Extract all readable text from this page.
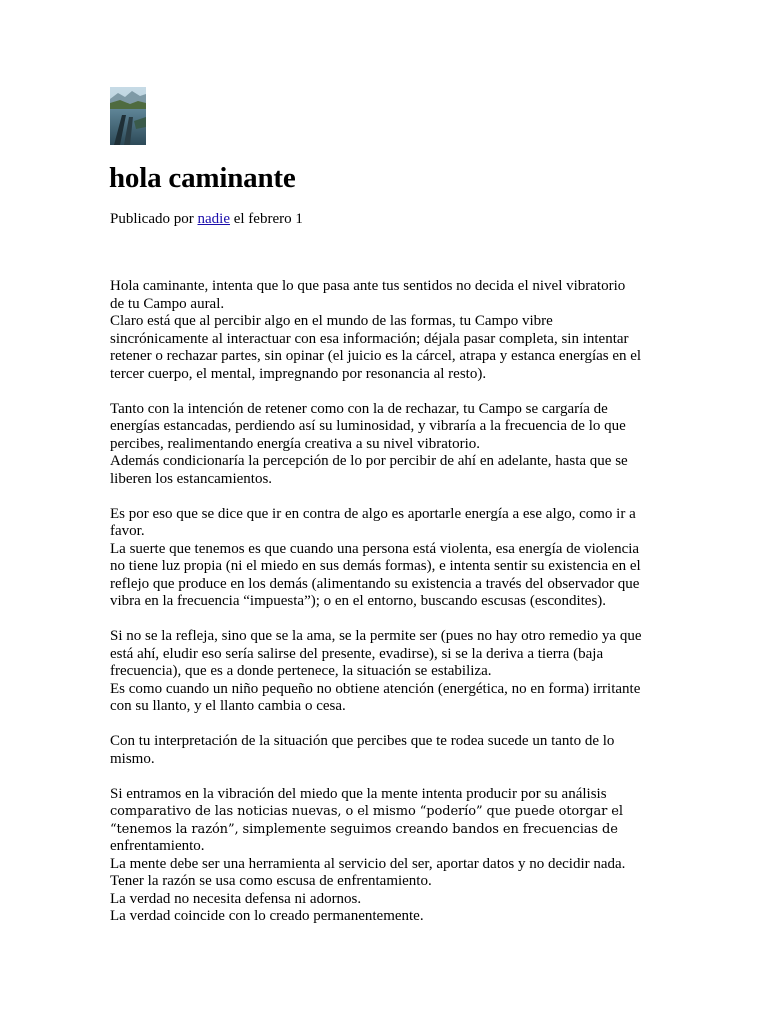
hola caminante
Publicado por nadie el febrero 1

Hola caminante, intenta que lo que pasa ante tus sentidos no decida el nivel vibratorio
de tu Campo aural.
Claro está que al percibir algo en el mundo de las formas, tu Campo vibre
sincrónicamente al interactuar con esa información; déjala pasar completa, sin intentar
retener o rechazar partes, sin opinar (el juicio es la cárcel, atrapa y estanca energías en el
tercer cuerpo, el mental, impregnando por resonancia al resto).

Tanto con la intención de retener como con la de rechazar, tu Campo se cargaría de
energías estancadas, perdiendo así su luminosidad, y vibraría a la frecuencia de lo que
percibes, realimentando energía creativa a su nivel vibratorio.
Además condicionaría la percepción de lo por percibir de ahí en adelante, hasta que se
liberen los estancamientos.

Es por eso que se dice que ir en contra de algo es aportarle energía a ese algo, como ir a
favor.
La suerte que tenemos es que cuando una persona está violenta, esa energía de violencia
no tiene luz propia (ni el miedo en sus demás formas), e intenta sentir su existencia en el
reflejo que produce en los demás (alimentando su existencia a través del observador que
vibra en la frecuencia “impuesta”); o en el entorno, buscando escusas (escondites).

Si no se la refleja, sino que se la ama, se la permite ser (pues no hay otro remedio ya que
está ahí, eludir eso sería salirse del presente, evadirse), si se la deriva a tierra (baja
frecuencia), que es a donde pertenece, la situación se estabiliza.
Es como cuando un niño pequeño no obtiene atención (energética, no en forma) irritante
con su llanto, y el llanto cambia o cesa.

Con tu interpretación de la situación que percibes que te rodea sucede un tanto de lo
mismo.

Si entramos en la vibración del miedo que la mente intenta producir por su análisis
comparativo de las noticias nuevas, o el mismo “poderío” que puede otorgar el
“tenemos la razón”, simplemente seguimos creando bandos en frecuencias de
enfrentamiento.
La mente debe ser una herramienta al servicio del ser, aportar datos y no decidir nada.
Tener la razón se usa como escusa de enfrentamiento.
La verdad no necesita defensa ni adornos.
La verdad coincide con lo creado permanentemente.
